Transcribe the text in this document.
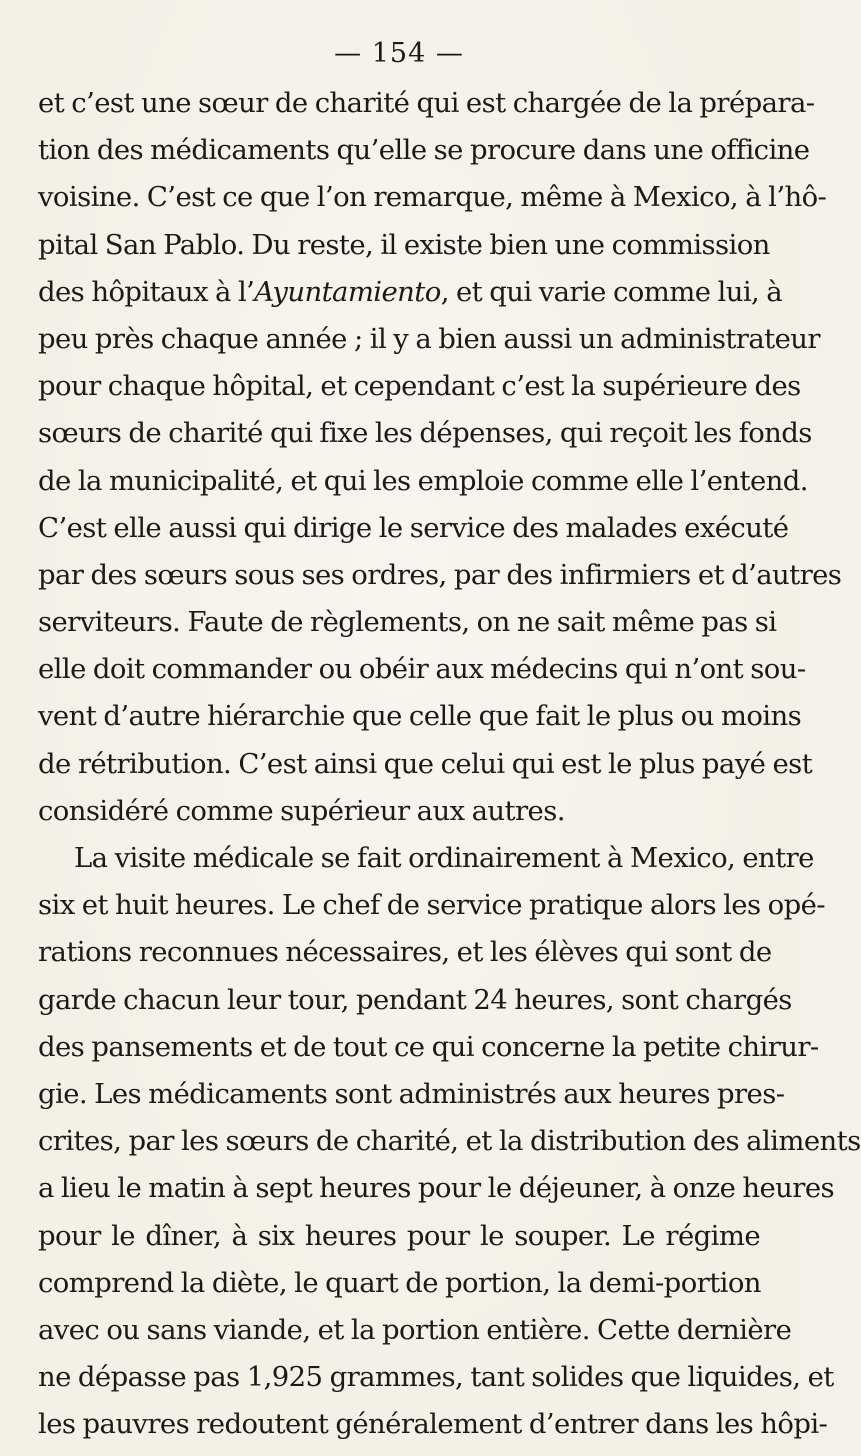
— 154 —
et c’est une sœur de charité qui est chargée de la prépara-
tion des médicaments qu’elle se procure dans une officine
voisine. C’est ce que l’on remarque, même à Mexico, à l’hô-
pital San Pablo. Du reste, il existe bien une commission
des hôpitaux à l’Ayuntamiento, et qui varie comme lui, à
peu près chaque année ; il y a bien aussi un administrateur
pour chaque hôpital, et cependant c’est la supérieure des
sœurs de charité qui fixe les dépenses, qui reçoit les fonds
de la municipalité, et qui les emploie comme elle l’entend.
C’est elle aussi qui dirige le service des malades exécuté
par des sœurs sous ses ordres, par des infirmiers et d’autres
serviteurs. Faute de règlements, on ne sait même pas si
elle doit commander ou obéir aux médecins qui n’ont sou-
vent d’autre hiérarchie que celle que fait le plus ou moins
de rétribution. C’est ainsi que celui qui est le plus payé est
considéré comme supérieur aux autres.
La visite médicale se fait ordinairement à Mexico, entre
six et huit heures. Le chef de service pratique alors les opé-
rations reconnues nécessaires, et les élèves qui sont de
garde chacun leur tour, pendant 24 heures, sont chargés
des pansements et de tout ce qui concerne la petite chirur-
gie. Les médicaments sont administrés aux heures pres-
crites, par les sœurs de charité, et la distribution des aliments
a lieu le matin à sept heures pour le déjeuner, à onze heures
pour le dîner, à six heures pour le souper. Le régime
comprend la diète, le quart de portion, la demi-portion
avec ou sans viande, et la portion entière. Cette dernière
ne dépasse pas 1,925 grammes, tant solides que liquides, et
les pauvres redoutent généralement d’entrer dans les hôpi-
